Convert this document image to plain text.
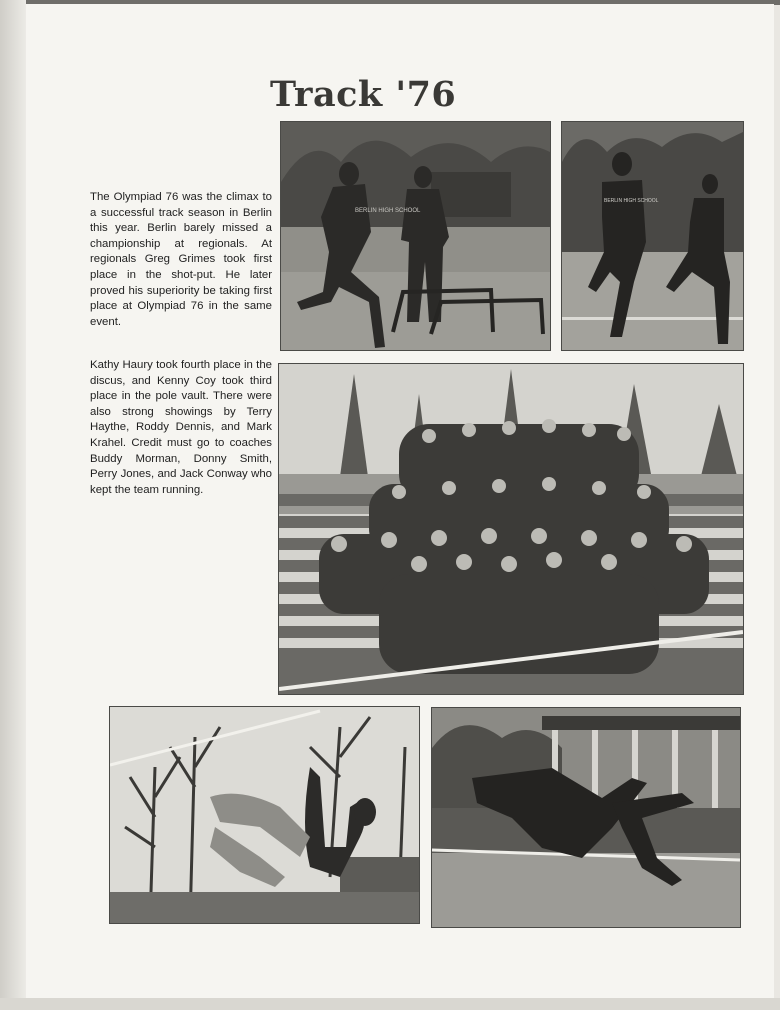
Track '76

The Olympiad 76 was the climax to a successful track season in Berlin this year. Berlin barely missed a championship at regionals. At regionals Greg Grimes took first place in the shot-put. He later proved his superiority be taking first place at Olympiad 76 in the same event.

Kathy Haury took fourth place in the discus, and Kenny Coy took third place in the pole vault. There were also strong showings by Terry Haythe, Roddy Dennis, and Mark Krahel. Credit must go to coaches Buddy Morman, Donny Smith, Perry Jones, and Jack Conway who kept the team running.

BERLIN HIGH SCHOOL
BERLIN HIGH SCHOOL
